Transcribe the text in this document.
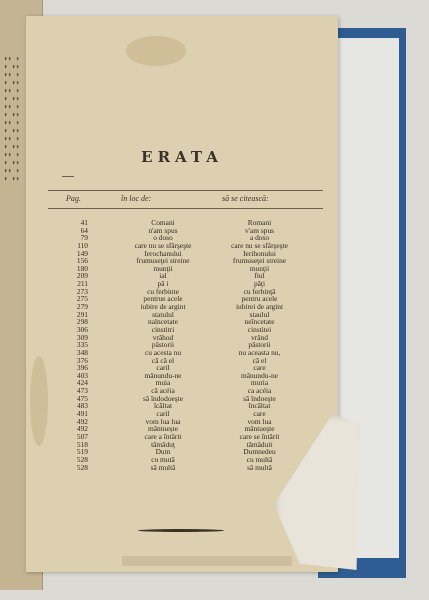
▮▮ ▮
▮ ▮▮
▮▮ ▮
▮ ▮▮
▮▮ ▮
▮ ▮▮
▮▮ ▮
▮ ▮▮
▮▮ ▮
▮ ▮▮
▮▮ ▮
▮ ▮▮
▮▮ ▮
▮ ▮▮
▮▮ ▮
▮ ▮▮
ERATA
Pag.	în loc de:	să se citească:
41	Comani	Romani
64	n'am spus	v'am spus
79	o doso	a doso
110	care nu se sfârşeşte	care nu se sfârşeşte
149	Ierochanului	Ierihonului
156	frumuseţei streine	frumuseţei streine
180	munţii	munţii
209	ial	fiul
211	pă i	păţi
273	cu ferbinte	cu ferbinţă
275	pentrue acele	pentru acele
279	iubire de argint	iubirei de argint
291	statulul	staulul
298	nalncetate	neîncetate
306	cinstitri	cinstitei
309	vrâhod	vrând
335	păstorii	păstorii
348	cu acesta nu	nu aceasta nu,
376	că că el	că el
396	caril	care
403	mânundu-ne	mânundu-ne
424	muia	muria
473	că acéia	ca acéia
475	să îndodoeşte	să îndoeşte
483	îcăltat	încăltat
491	caril	care
492	vom lua lua	vom lua
492	mântuește	mântueşte
507	care a întărit	care se întărit
518	tămăduţ	tămăduit
519	Dum	Dumnedeu
528	cu mută	cu multă
528	să multă	să multă
